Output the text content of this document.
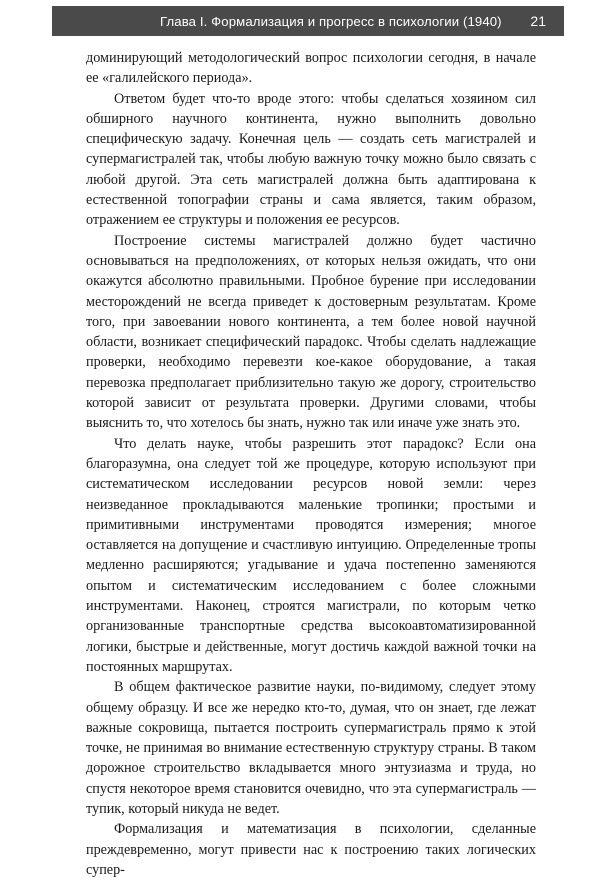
Глава I. Формализация и прогресс в психологии (1940) 21

доминирующий методологический вопрос психологии сегодня, в начале ее «галилейского периода».

Ответом будет что-то вроде этого: чтобы сделаться хозяином сил обширного научного континента, нужно выполнить довольно специфическую задачу. Конечная цель — создать сеть магистралей и супермагистралей так, чтобы любую важную точку можно было связать с любой другой. Эта сеть магистралей должна быть адаптирована к естественной топографии страны и сама является, таким образом, отражением ее структуры и положения ее ресурсов.

Построение системы магистралей должно будет частично основываться на предположениях, от которых нельзя ожидать, что они окажутся абсолютно правильными. Пробное бурение при исследовании месторождений не всегда приведет к достоверным результатам. Кроме того, при завоевании нового континента, а тем более новой научной области, возникает специфический парадокс. Чтобы сделать надлежащие проверки, необходимо перевезти кое-какое оборудование, а такая перевозка предполагает приблизительно такую же дорогу, строительство которой зависит от результата проверки. Другими словами, чтобы выяснить то, что хотелось бы знать, нужно так или иначе уже знать это.

Что делать науке, чтобы разрешить этот парадокс? Если она благоразумна, она следует той же процедуре, которую используют при систематическом исследовании ресурсов новой земли: через неизведанное прокладываются маленькие тропинки; простыми и примитивными инструментами проводятся измерения; многое оставляется на допущение и счастливую интуицию. Определенные тропы медленно расширяются; угадывание и удача постепенно заменяются опытом и систематическим исследованием с более сложными инструментами. Наконец, строятся магистрали, по которым четко организованные транспортные средства высокоавтоматизированной логики, быстрые и действенные, могут достичь каждой важной точки на постоянных маршрутах.

В общем фактическое развитие науки, по-видимому, следует этому общему образцу. И все же нередко кто-то, думая, что он знает, где лежат важные сокровища, пытается построить супермагистраль прямо к этой точке, не принимая во внимание естественную структуру страны. В таком дорожное строительство вкладывается много энтузиазма и труда, но спустя некоторое время становится очевидно, что эта супермагистраль — тупик, который никуда не ведет.

Формализация и математизация в психологии, сделанные преждевременно, могут привести нас к построению таких логических супер-
